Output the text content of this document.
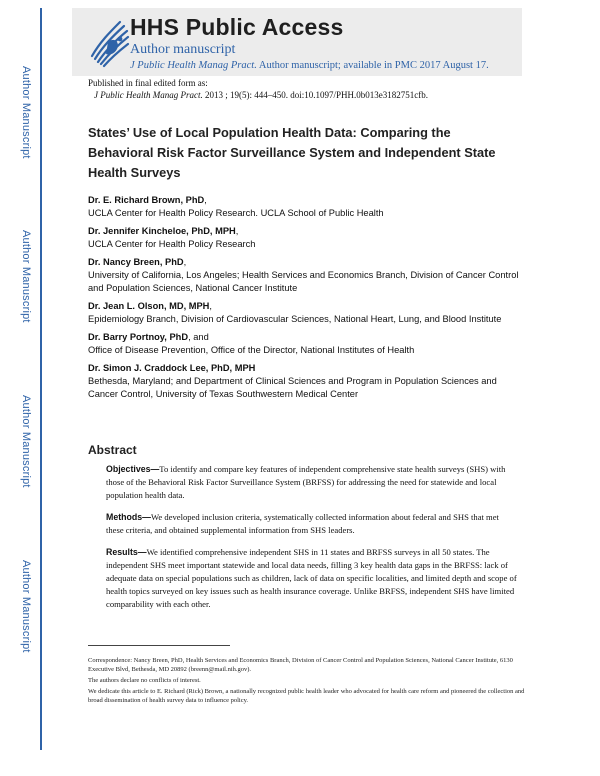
Author Manuscript
Author Manuscript
Author Manuscript
Author Manuscript
HHS Public Access
Author manuscript
J Public Health Manag Pract. Author manuscript; available in PMC 2017 August 17.
Published in final edited form as:
J Public Health Manag Pract. 2013 ; 19(5): 444–450. doi:10.1097/PHH.0b013e3182751cfb.
States’ Use of Local Population Health Data: Comparing the Behavioral Risk Factor Surveillance System and Independent State Health Surveys
Dr. E. Richard Brown, PhD,
UCLA Center for Health Policy Research. UCLA School of Public Health
Dr. Jennifer Kincheloe, PhD, MPH,
UCLA Center for Health Policy Research
Dr. Nancy Breen, PhD,
University of California, Los Angeles; Health Services and Economics Branch, Division of Cancer Control and Population Sciences, National Cancer Institute
Dr. Jean L. Olson, MD, MPH,
Epidemiology Branch, Division of Cardiovascular Sciences, National Heart, Lung, and Blood Institute
Dr. Barry Portnoy, PhD, and
Office of Disease Prevention, Office of the Director, National Institutes of Health
Dr. Simon J. Craddock Lee, PhD, MPH
Bethesda, Maryland; and Department of Clinical Sciences and Program in Population Sciences and Cancer Control, University of Texas Southwestern Medical Center
Abstract

Objectives—To identify and compare key features of independent comprehensive state health surveys (SHS) with those of the Behavioral Risk Factor Surveillance System (BRFSS) for addressing the need for statewide and local population health data.

Methods—We developed inclusion criteria, systematically collected information about federal and SHS that met these criteria, and obtained supplemental information from SHS leaders.

Results—We identified comprehensive independent SHS in 11 states and BRFSS surveys in all 50 states. The independent SHS meet important statewide and local data needs, filling 3 key health data gaps in the BRFSS: lack of adequate data on special populations such as children, lack of data on specific localities, and limited depth and scope of health topics surveyed on key issues such as health insurance coverage. Unlike BRFSS, independent SHS have limited comparability with each other.

Correspondence: Nancy Breen, PhD, Health Services and Economics Branch, Division of Cancer Control and Population Sciences, National Cancer Institute, 6130 Executive Blvd, Bethesda, MD 20892 (breenn@mail.nih.gov).
The authors declare no conflicts of interest.
We dedicate this article to E. Richard (Rick) Brown, a nationally recognized public health leader who advocated for health care reform and pioneered the collection and broad dissemination of health survey data to influence policy.
